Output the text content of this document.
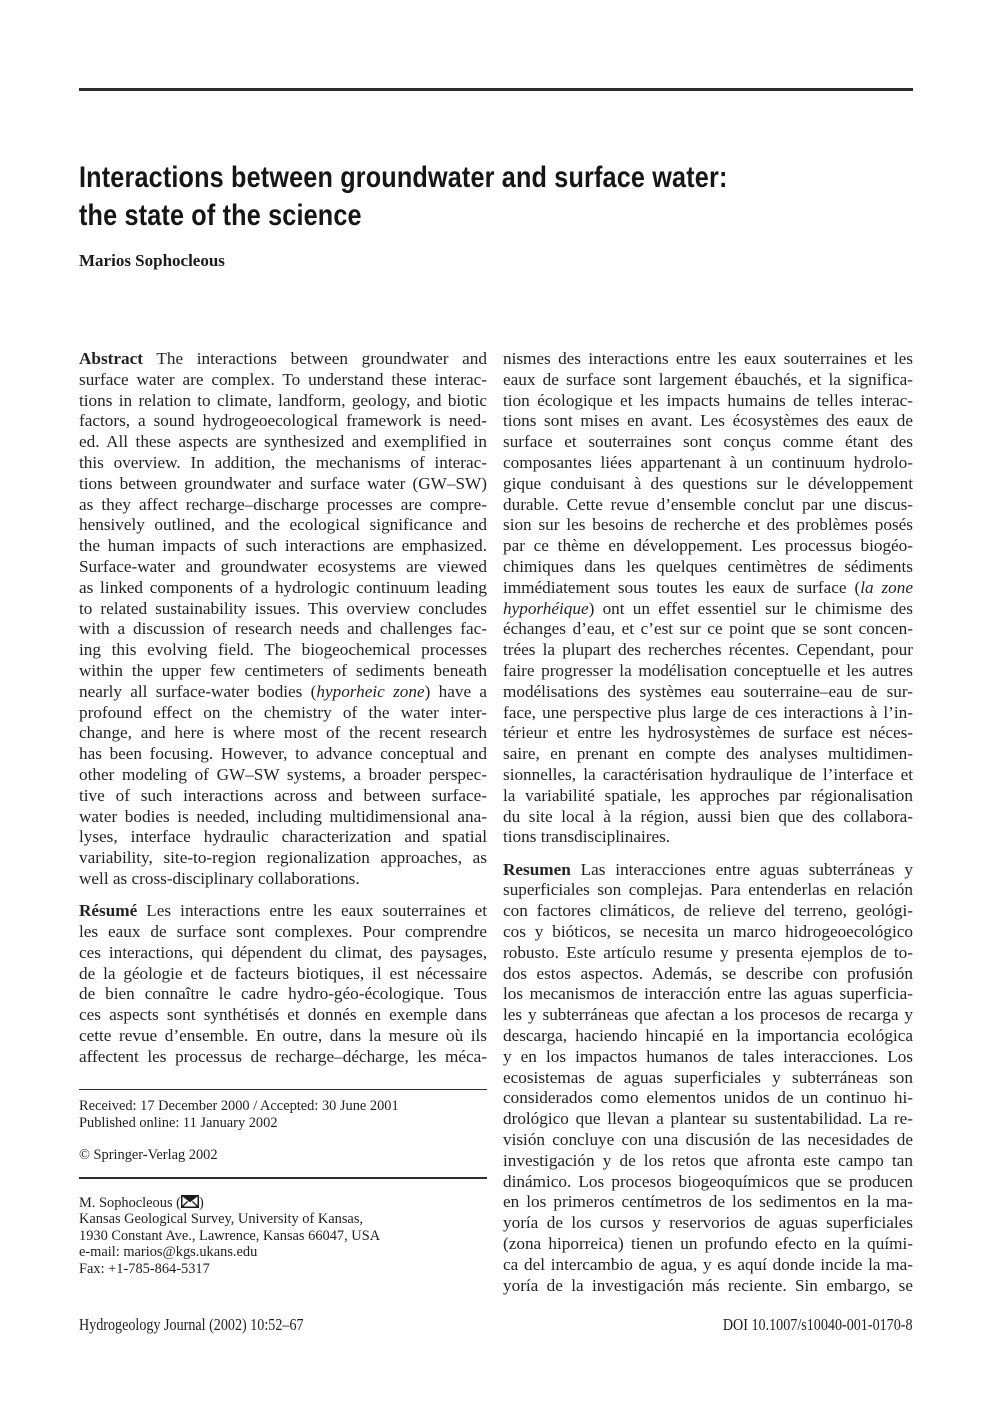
Interactions between groundwater and surface water:
the state of the science
Marios Sophocleous
Abstract The interactions between groundwater and
surface water are complex. To understand these interac-
tions in relation to climate, landform, geology, and biotic
factors, a sound hydrogeoecological framework is need-
ed. All these aspects are synthesized and exemplified in
this overview. In addition, the mechanisms of interac-
tions between groundwater and surface water (GW–SW)
as they affect recharge–discharge processes are compre-
hensively outlined, and the ecological significance and
the human impacts of such interactions are emphasized.
Surface-water and groundwater ecosystems are viewed
as linked components of a hydrologic continuum leading
to related sustainability issues. This overview concludes
with a discussion of research needs and challenges fac-
ing this evolving field. The biogeochemical processes
within the upper few centimeters of sediments beneath
nearly all surface-water bodies (hyporheic zone) have a
profound effect on the chemistry of the water inter-
change, and here is where most of the recent research
has been focusing. However, to advance conceptual and
other modeling of GW–SW systems, a broader perspec-
tive of such interactions across and between surface-
water bodies is needed, including multidimensional ana-
lyses, interface hydraulic characterization and spatial
variability, site-to-region regionalization approaches, as
well as cross-disciplinary collaborations.
Résumé Les interactions entre les eaux souterraines et
les eaux de surface sont complexes. Pour comprendre
ces interactions, qui dépendent du climat, des paysages,
de la géologie et de facteurs biotiques, il est nécessaire
de bien connaître le cadre hydro-géo-écologique. Tous
ces aspects sont synthétisés et donnés en exemple dans
cette revue d’ensemble. En outre, dans la mesure où ils
affectent les processus de recharge–décharge, les méca-
Received: 17 December 2000 / Accepted: 30 June 2001
Published online: 11 January 2002
© Springer-Verlag 2002
M. Sophocleous ( )
Kansas Geological Survey, University of Kansas,
1930 Constant Ave., Lawrence, Kansas 66047, USA
e-mail: marios@kgs.ukans.edu
Fax: +1-785-864-5317
nismes des interactions entre les eaux souterraines et les
eaux de surface sont largement ébauchés, et la significa-
tion écologique et les impacts humains de telles interac-
tions sont mises en avant. Les écosystèmes des eaux de
surface et souterraines sont conçus comme étant des
composantes liées appartenant à un continuum hydrolo-
gique conduisant à des questions sur le développement
durable. Cette revue d’ensemble conclut par une discus-
sion sur les besoins de recherche et des problèmes posés
par ce thème en développement. Les processus biogéo-
chimiques dans les quelques centimètres de sédiments
immédiatement sous toutes les eaux de surface (la zone
hyporhéique) ont un effet essentiel sur le chimisme des
échanges d’eau, et c’est sur ce point que se sont concen-
trées la plupart des recherches récentes. Cependant, pour
faire progresser la modélisation conceptuelle et les autres
modélisations des systèmes eau souterraine–eau de sur-
face, une perspective plus large de ces interactions à l’in-
térieur et entre les hydrosystèmes de surface est néces-
saire, en prenant en compte des analyses multidimen-
sionnelles, la caractérisation hydraulique de l’interface et
la variabilité spatiale, les approches par régionalisation
du site local à la région, aussi bien que des collabora-
tions transdisciplinaires.
Resumen Las interacciones entre aguas subterráneas y
superficiales son complejas. Para entenderlas en relación
con factores climáticos, de relieve del terreno, geológi-
cos y bióticos, se necesita un marco hidrogeoecológico
robusto. Este artículo resume y presenta ejemplos de to-
dos estos aspectos. Además, se describe con profusión
los mecanismos de interacción entre las aguas superficia-
les y subterráneas que afectan a los procesos de recarga y
descarga, haciendo hincapié en la importancia ecológica
y en los impactos humanos de tales interacciones. Los
ecosistemas de aguas superficiales y subterráneas son
considerados como elementos unidos de un continuo hi-
drológico que llevan a plantear su sustentabilidad. La re-
visión concluye con una discusión de las necesidades de
investigación y de los retos que afronta este campo tan
dinámico. Los procesos biogeoquímicos que se producen
en los primeros centímetros de los sedimentos en la ma-
yoría de los cursos y reservorios de aguas superficiales
(zona hiporreica) tienen un profundo efecto en la quími-
ca del intercambio de agua, y es aquí donde incide la ma-
yoría de la investigación más reciente. Sin embargo, se
Hydrogeology Journal (2002) 10:52–67	DOI 10.1007/s10040-001-0170-8
